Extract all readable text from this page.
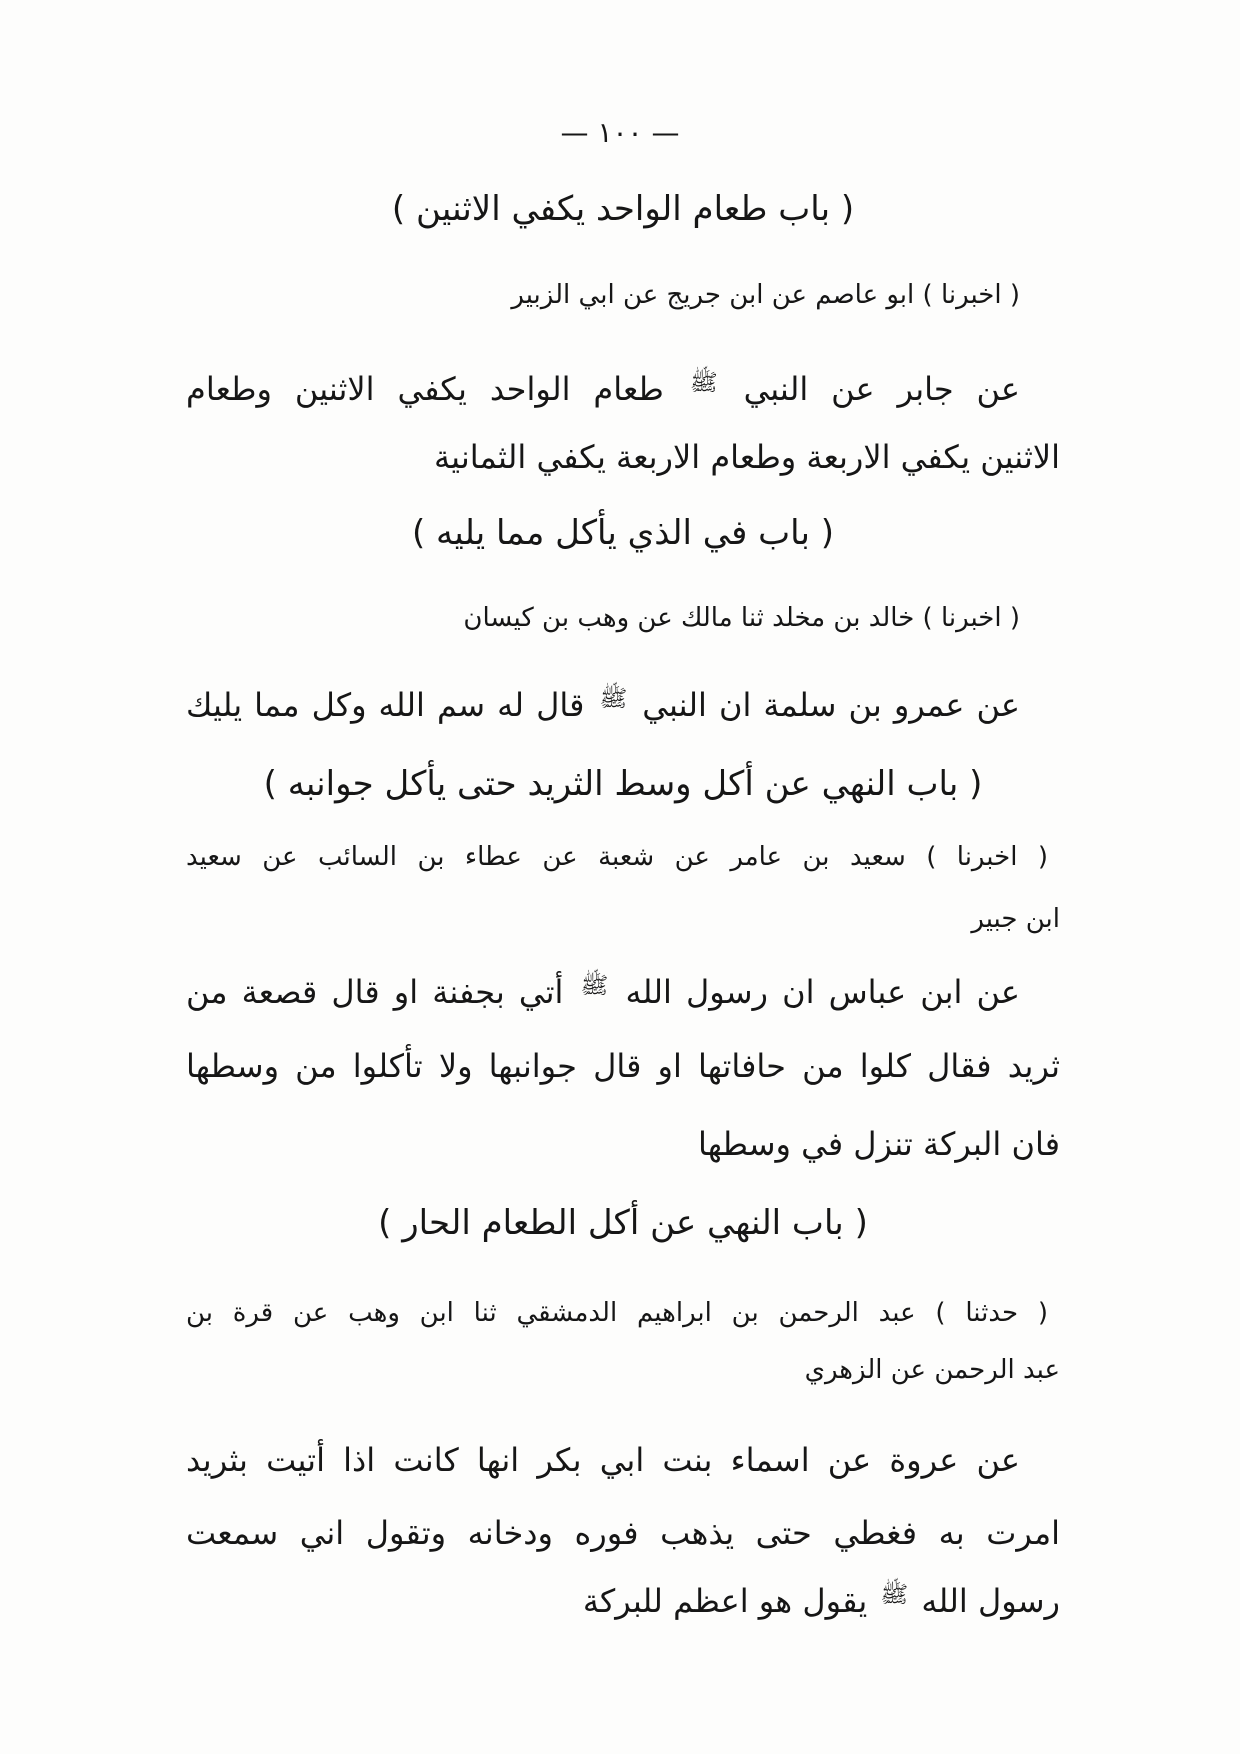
— ١٠٠ —
( باب طعام الواحد يكفي الاثنين )
( اخبرنا ) ابو عاصم عن ابن جريج عن ابي الزبير
عن جابر عن النبي ﷺ طعام الواحد يكفي الاثنين وطعام
الاثنين يكفي الاربعة وطعام الاربعة يكفي الثمانية
( باب في الذي يأكل مما يليه )
( اخبرنا ) خالد بن مخلد ثنا مالك عن وهب بن كيسان
عن عمرو بن سلمة ان النبي ﷺ قال له سم الله وكل مما يليك
( باب النهي عن أكل وسط الثريد حتى يأكل جوانبه )
( اخبرنا ) سعيد بن عامر عن شعبة عن عطاء بن السائب عن سعيد
ابن جبير
عن ابن عباس ان رسول الله ﷺ أتي بجفنة او قال قصعة من
ثريد فقال كلوا من حافاتها او قال جوانبها ولا تأكلوا من وسطها
فان البركة تنزل في وسطها
( باب النهي عن أكل الطعام الحار )
( حدثنا ) عبد الرحمن بن ابراهيم الدمشقي ثنا ابن وهب عن قرة بن
عبد الرحمن عن الزهري
عن عروة عن اسماء بنت ابي بكر انها كانت اذا أتيت بثريد
امرت به فغطي حتى يذهب فوره ودخانه وتقول اني سمعت
رسول الله ﷺ يقول هو اعظم للبركة
